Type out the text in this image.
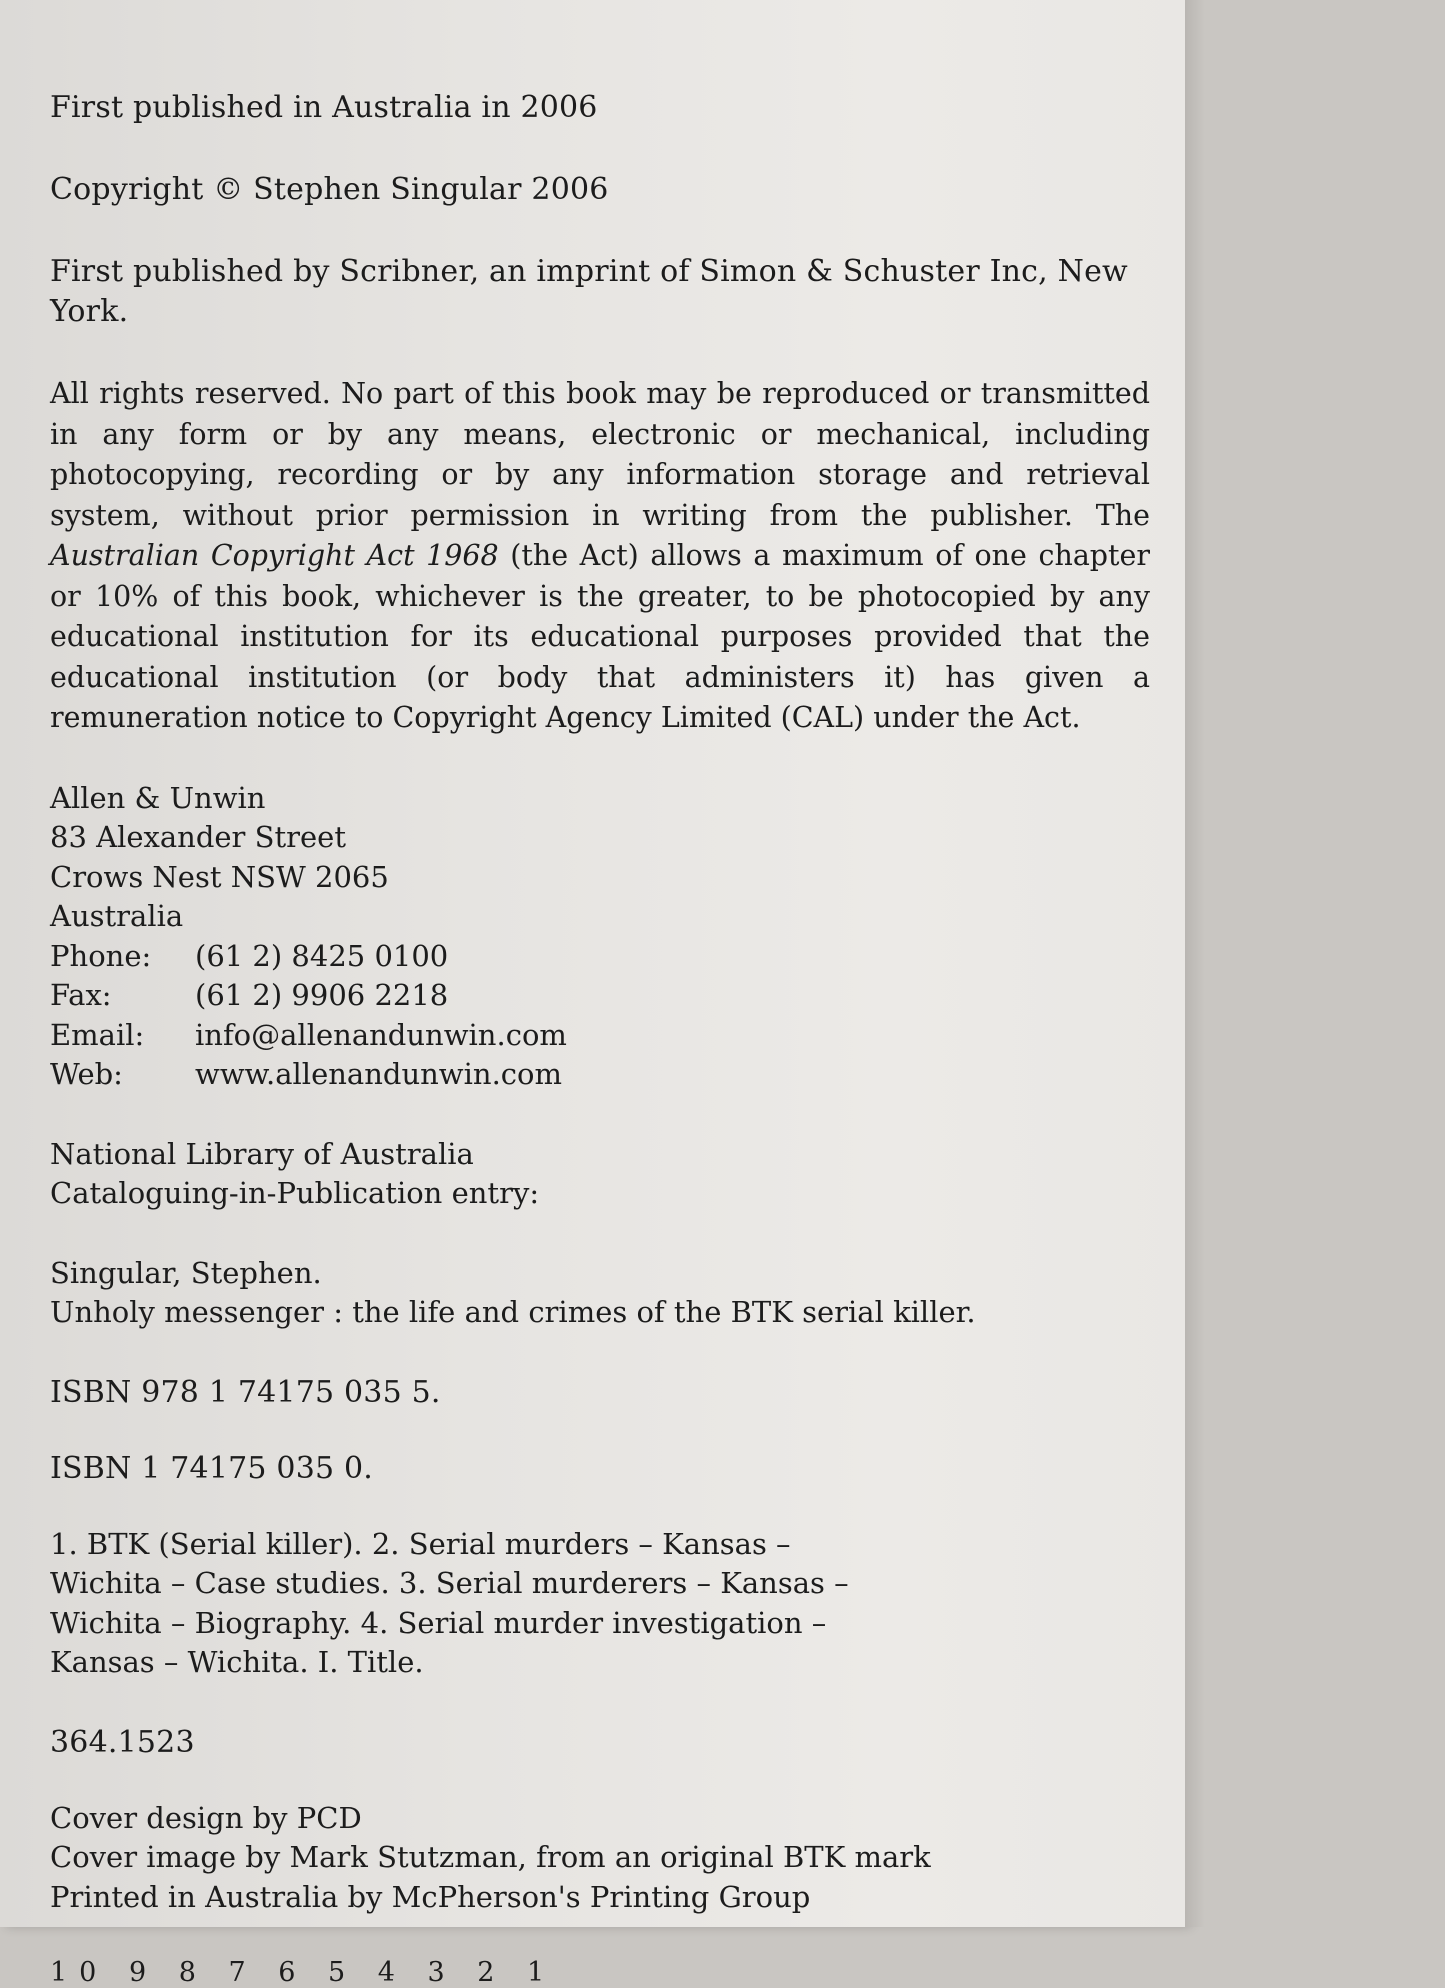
First published in Australia in 2006
Copyright © Stephen Singular 2006
First published by Scribner, an imprint of Simon & Schuster Inc, New York.
All rights reserved. No part of this book may be reproduced or transmitted in any form or by any means, electronic or mechanical, including photocopying, recording or by any information storage and retrieval system, without prior permission in writing from the publisher. The Australian Copyright Act 1968 (the Act) allows a maximum of one chapter or 10% of this book, whichever is the greater, to be photocopied by any educational institution for its educational purposes provided that the educational institution (or body that administers it) has given a remuneration notice to Copyright Agency Limited (CAL) under the Act.
Allen & Unwin
83 Alexander Street
Crows Nest NSW 2065
Australia
Phone:	(61 2) 8425 0100
Fax:	(61 2) 9906 2218
Email:	info@allenandunwin.com
Web:	www.allenandunwin.com
National Library of Australia
Cataloguing-in-Publication entry:
Singular, Stephen.
Unholy messenger : the life and crimes of the BTK serial killer.
ISBN 978 1 74175 035 5.
ISBN 1 74175 035 0.
1. BTK (Serial killer). 2. Serial murders – Kansas –
Wichita – Case studies. 3. Serial murderers – Kansas –
Wichita – Biography. 4. Serial murder investigation –
Kansas – Wichita. I. Title.
364.1523
Cover design by PCD
Cover image by Mark Stutzman, from an original BTK mark
Printed in Australia by McPherson's Printing Group
10 9 8 7 6 5 4 3 2 1
